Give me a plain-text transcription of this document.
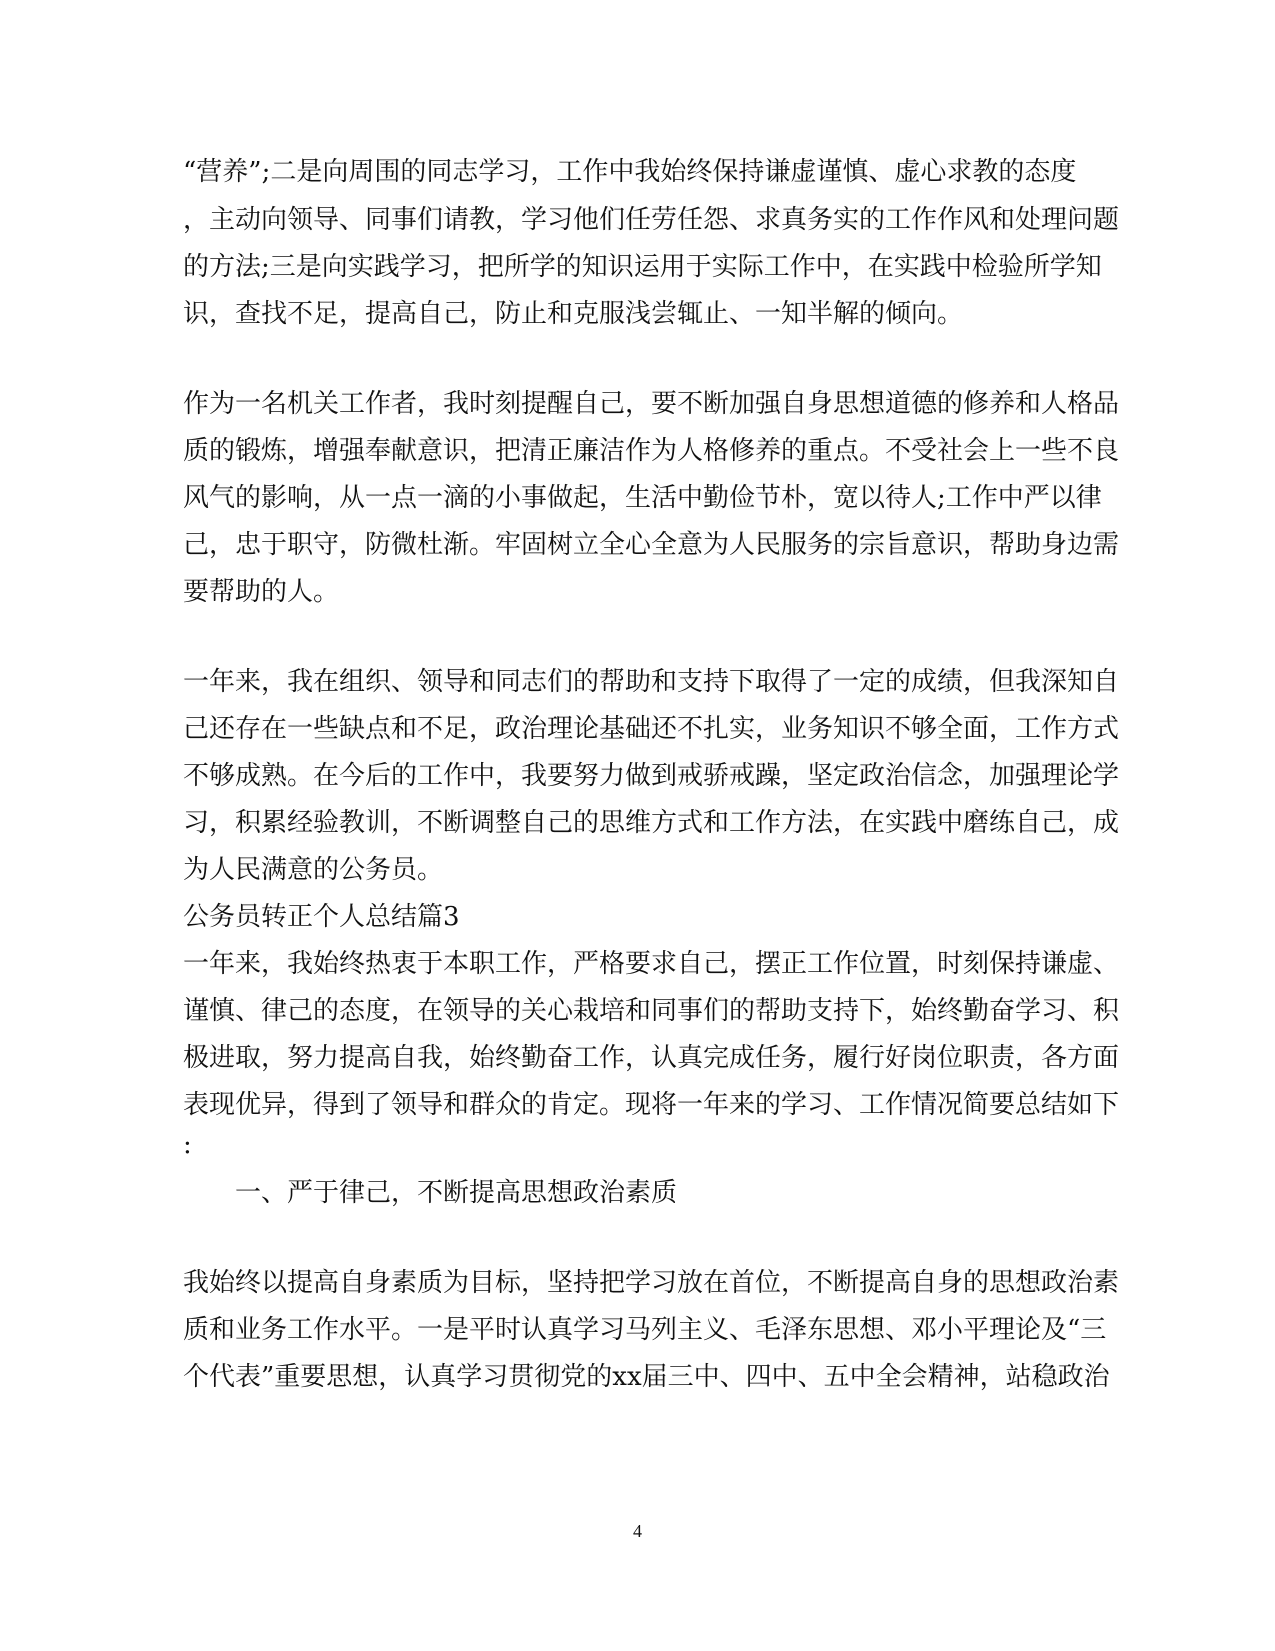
“营养”;二是向周围的同志学习，工作中我始终保持谦虚谨慎、虚心求教的态度
，主动向领导、同事们请教，学习他们任劳任怨、求真务实的工作作风和处理问题
的方法;三是向实践学习，把所学的知识运用于实际工作中，在实践中检验所学知
识，查找不足，提高自己，防止和克服浅尝辄止、一知半解的倾向。
作为一名机关工作者，我时刻提醒自己，要不断加强自身思想道德的修养和人格品
质的锻炼，增强奉献意识，把清正廉洁作为人格修养的重点。不受社会上一些不良
风气的影响，从一点一滴的小事做起，生活中勤俭节朴，宽以待人;工作中严以律
己，忠于职守，防微杜渐。牢固树立全心全意为人民服务的宗旨意识，帮助身边需
要帮助的人。
一年来，我在组织、领导和同志们的帮助和支持下取得了一定的成绩，但我深知自
己还存在一些缺点和不足，政治理论基础还不扎实，业务知识不够全面，工作方式
不够成熟。在今后的工作中，我要努力做到戒骄戒躁，坚定政治信念，加强理论学
习，积累经验教训，不断调整自己的思维方式和工作方法，在实践中磨练自己，成
为人民满意的公务员。
公务员转正个人总结篇3
一年来，我始终热衷于本职工作，严格要求自己，摆正工作位置，时刻保持谦虚、
谨慎、律己的态度，在领导的关心栽培和同事们的帮助支持下，始终勤奋学习、积
极进取，努力提高自我，始终勤奋工作，认真完成任务，履行好岗位职责，各方面
表现优异，得到了领导和群众的肯定。现将一年来的学习、工作情况简要总结如下
:
一、严于律己，不断提高思想政治素质
我始终以提高自身素质为目标，坚持把学习放在首位，不断提高自身的思想政治素
质和业务工作水平。一是平时认真学习马列主义、毛泽东思想、邓小平理论及“三
个代表”重要思想，认真学习贯彻党的xx届三中、四中、五中全会精神，站稳政治
4
